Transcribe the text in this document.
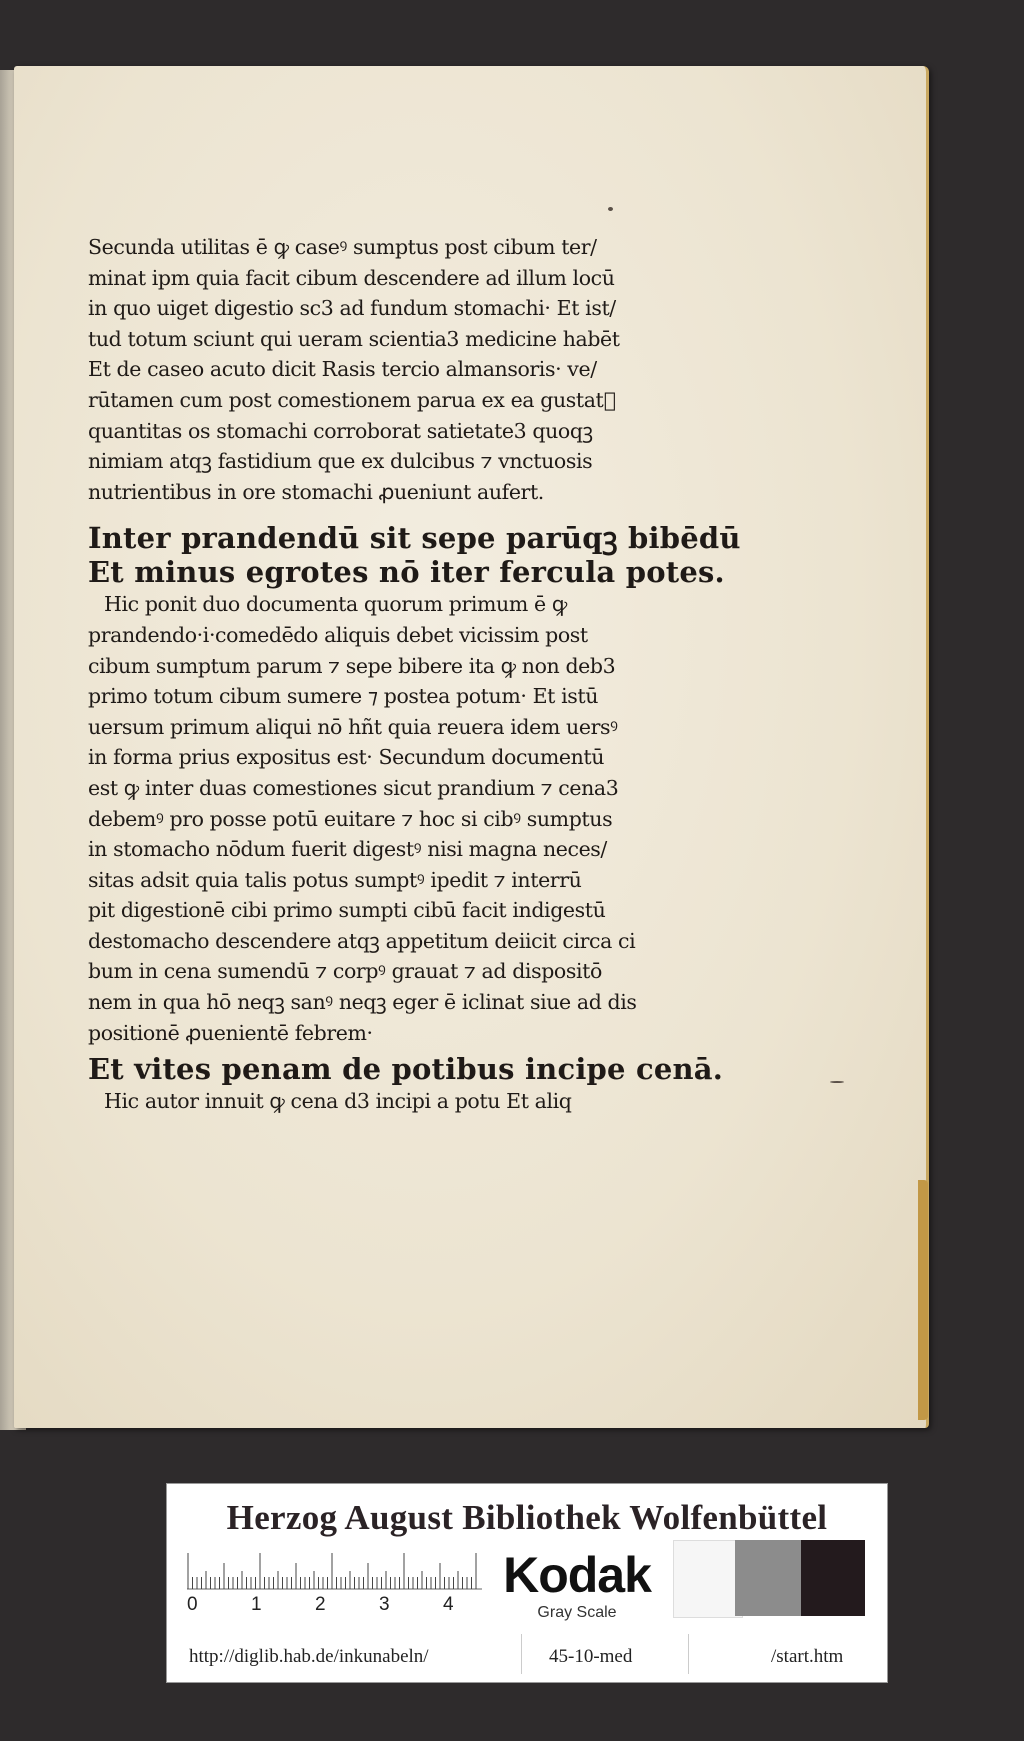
Secunda utilitas ē ꝙ caseꝰ sumptus post cibum ter/
minat ipm quia facit cibum descendere ad illum locū
in quo uiget digestio sc3 ad fundum stomachi· Et ist/
tud totum sciunt qui ueram scientia3 medicine habēt
Et de caseo acuto dicit Rasis tercio almansoris· ve/
rūtamen cum post comestionem parua ex ea gustatᷣ
quantitas os stomachi corroborat satietate3 quoqꝫ
nimiam atqꝫ fastidium que ex dulcibus ⁊ vnctuosis
nutrientibus in ore stomachi ꝓueniunt aufert.
Inter prandendū sit sepe parūqꝫ bibēdū
Et minus egrotes nō iter fercula potes.
Hic ponit duo documenta quorum primum ē ꝙ
prandendo·i·comedēdo aliquis debet vicissim post
cibum sumptum parum ⁊ sepe bibere ita ꝙ non deb3
primo totum cibum sumere ⁊ postea potum· Et istū
uersum primum aliqui nō hñt quia reuera idem uersꝰ
in forma prius expositus est· Secundum documentū
est ꝙ inter duas comestiones sicut prandium ⁊ cena3
debemꝰ pro posse potū euitare ⁊ hoc si cibꝰ sumptus
in stomacho nōdum fuerit digestꝰ nisi magna neces/
sitas adsit quia talis potus sumptꝰ ipedit ⁊ interrū
pit digestionē cibi primo sumpti cibū facit indigestū
destomacho descendere atqꝫ appetitum deiicit circa ci
bum in cena sumendū ⁊ corpꝰ grauat ⁊ ad dispositō
nem in qua hō neqꝫ sanꝰ neqꝫ eger ē iclinat siue ad dis
positionē ꝓuenientē febrem·
Et vites penam de potibus incipe cenā.
Hic autor innuit ꝙ cena d3 incipi a potu Et aliq
Herzog August Bibliothek Wolfenbüttel
0	1	2	3	4
Kodak
Gray Scale
http://diglib.hab.de/inkunabeln/	45-10-med	/start.htm
